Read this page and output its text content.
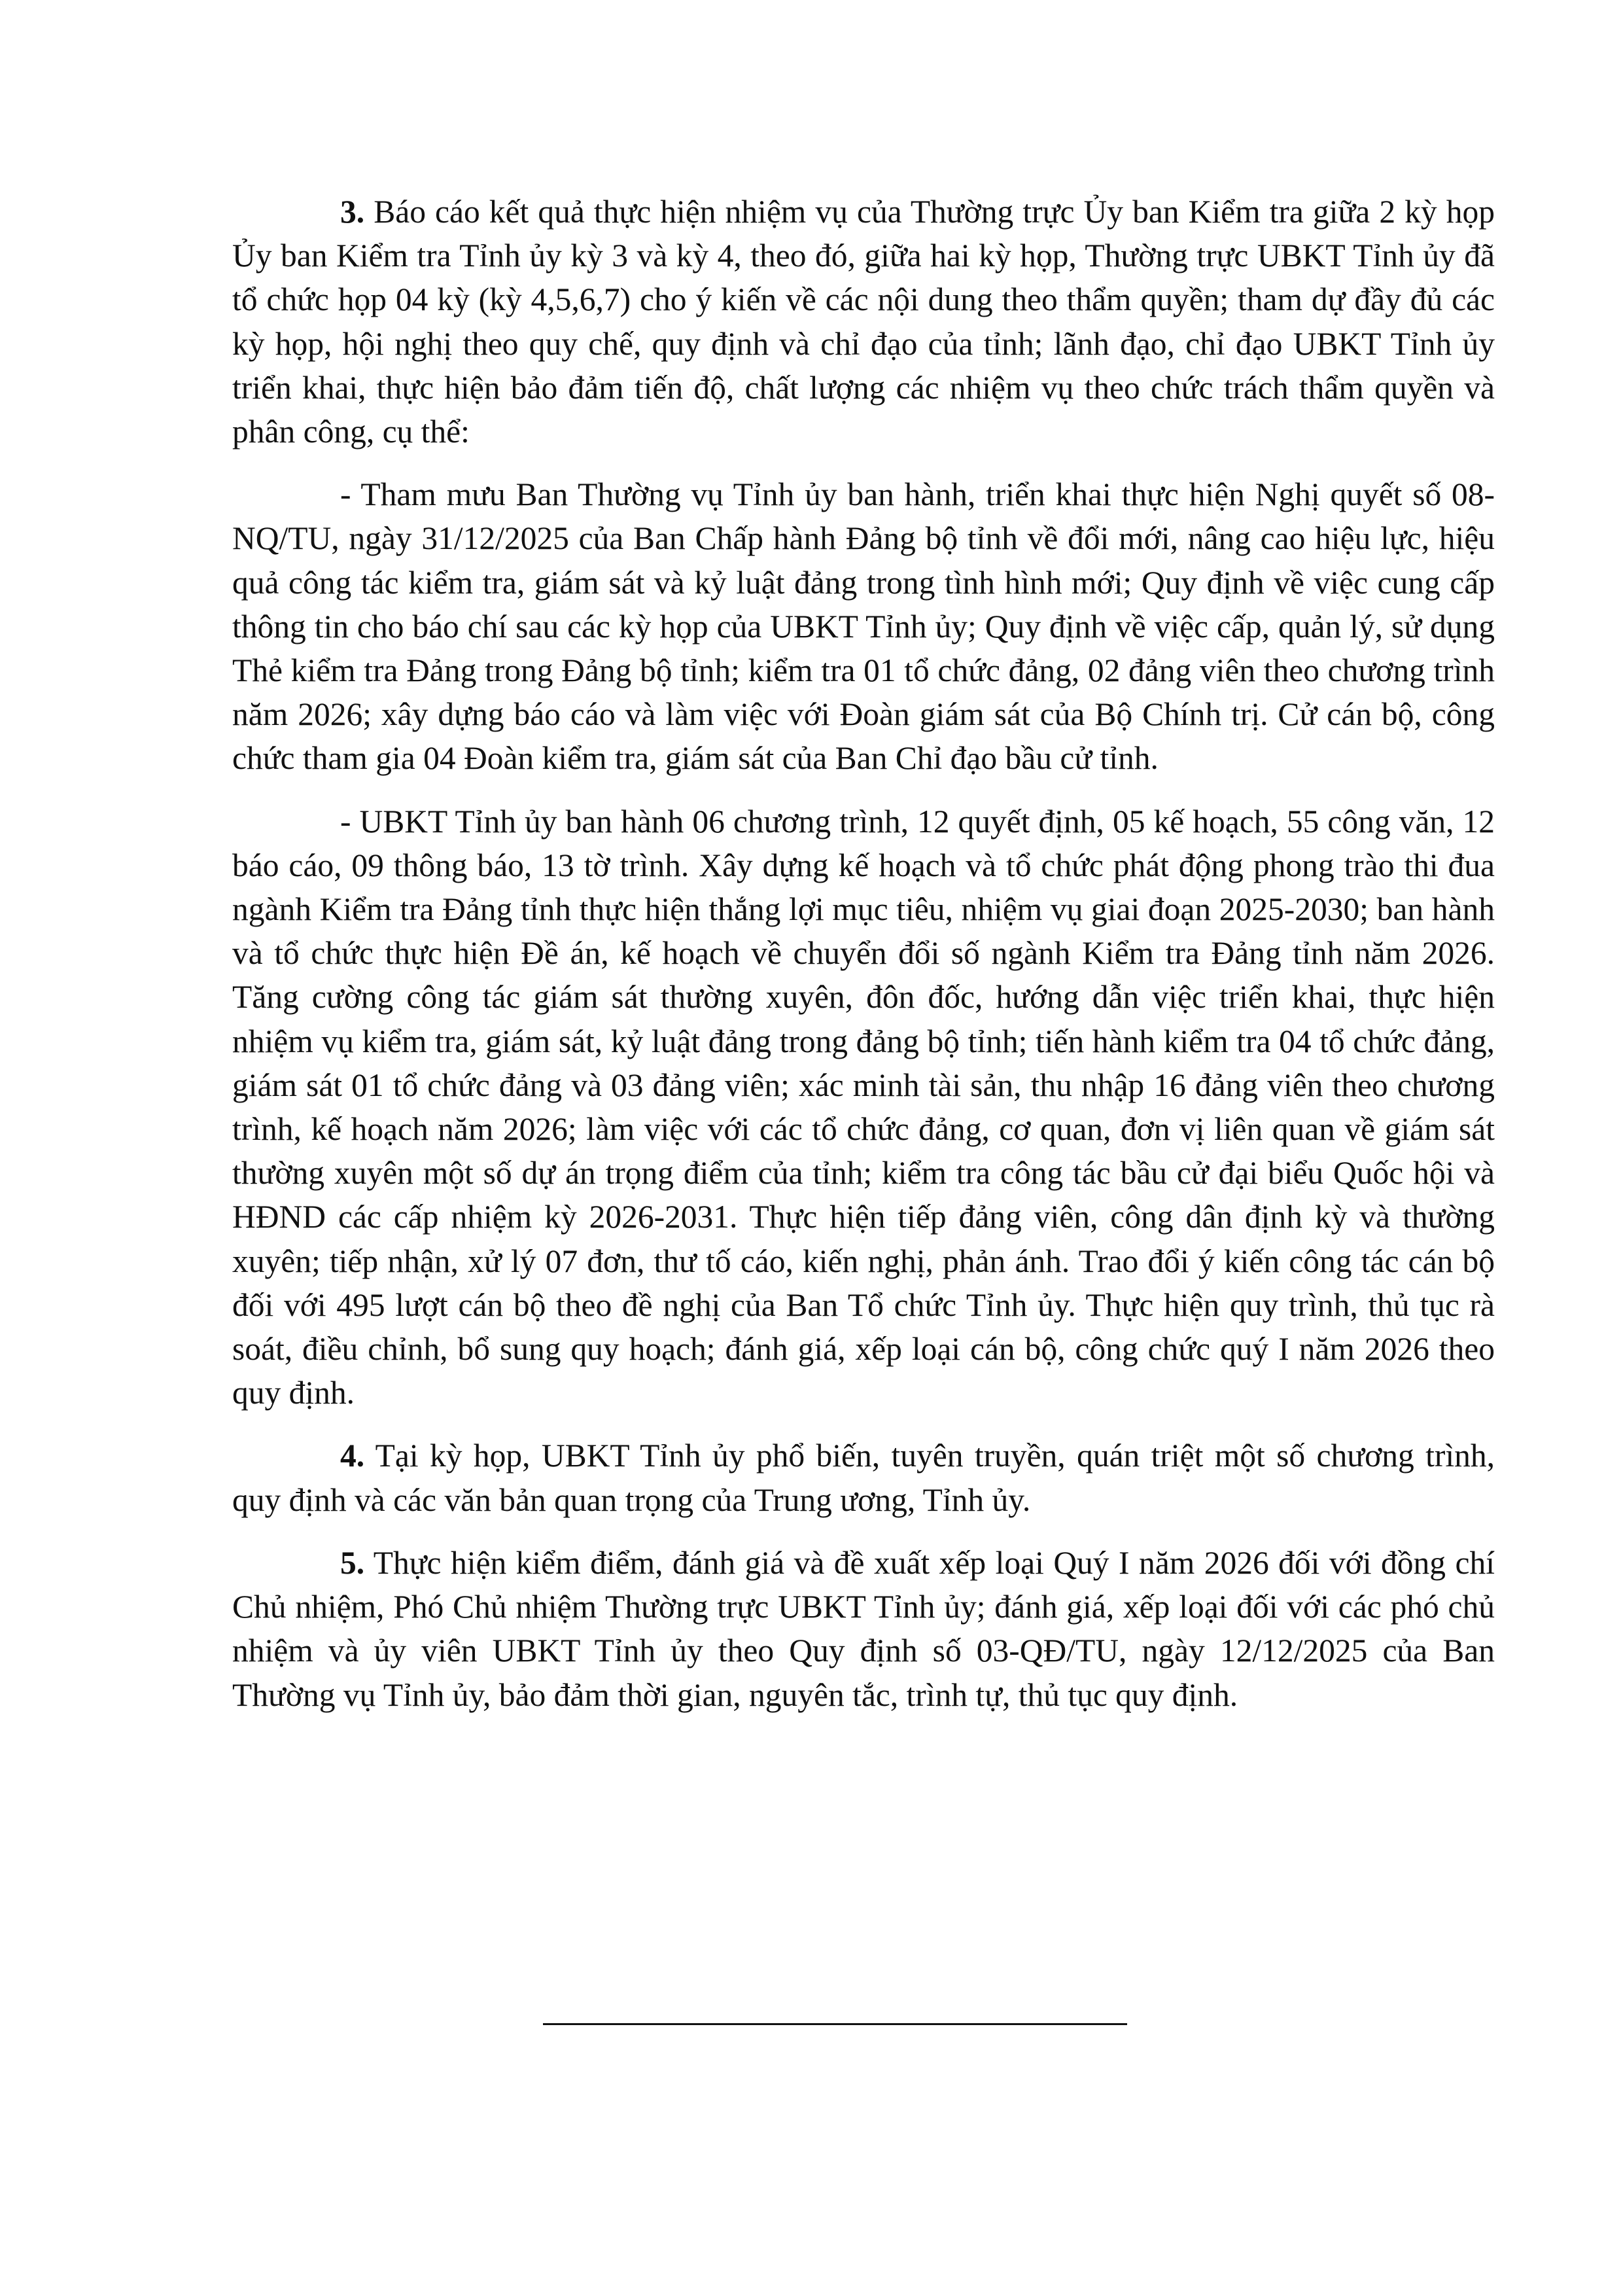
3. Báo cáo kết quả thực hiện nhiệm vụ của Thường trực Ủy ban Kiểm tra giữa 2 kỳ họp Ủy ban Kiểm tra Tỉnh ủy kỳ 3 và kỳ 4, theo đó, giữa hai kỳ họp, Thường trực UBKT Tỉnh ủy đã tổ chức họp 04 kỳ (kỳ 4,5,6,7) cho ý kiến về các nội dung theo thẩm quyền; tham dự đầy đủ các kỳ họp, hội nghị theo quy chế, quy định và chỉ đạo của tỉnh; lãnh đạo, chỉ đạo UBKT Tỉnh ủy triển khai, thực hiện bảo đảm tiến độ, chất lượng các nhiệm vụ theo chức trách thẩm quyền và phân công, cụ thể:

- Tham mưu Ban Thường vụ Tỉnh ủy ban hành, triển khai thực hiện Nghị quyết số 08-NQ/TU, ngày 31/12/2025 của Ban Chấp hành Đảng bộ tỉnh về đổi mới, nâng cao hiệu lực, hiệu quả công tác kiểm tra, giám sát và kỷ luật đảng trong tình hình mới; Quy định về việc cung cấp thông tin cho báo chí sau các kỳ họp của UBKT Tỉnh ủy; Quy định về việc cấp, quản lý, sử dụng Thẻ kiểm tra Đảng trong Đảng bộ tỉnh; kiểm tra 01 tổ chức đảng, 02 đảng viên theo chương trình năm 2026; xây dựng báo cáo và làm việc với Đoàn giám sát của Bộ Chính trị. Cử cán bộ, công chức tham gia 04 Đoàn kiểm tra, giám sát của Ban Chỉ đạo bầu cử tỉnh.

- UBKT Tỉnh ủy ban hành 06 chương trình, 12 quyết định, 05 kế hoạch, 55 công văn, 12 báo cáo, 09 thông báo, 13 tờ trình. Xây dựng kế hoạch và tổ chức phát động phong trào thi đua ngành Kiểm tra Đảng tỉnh thực hiện thắng lợi mục tiêu, nhiệm vụ giai đoạn 2025-2030; ban hành và tổ chức thực hiện Đề án, kế hoạch về chuyển đổi số ngành Kiểm tra Đảng tỉnh năm 2026. Tăng cường công tác giám sát thường xuyên, đôn đốc, hướng dẫn việc triển khai, thực hiện nhiệm vụ kiểm tra, giám sát, kỷ luật đảng trong đảng bộ tỉnh; tiến hành kiểm tra 04 tổ chức đảng, giám sát 01 tổ chức đảng và 03 đảng viên; xác minh tài sản, thu nhập 16 đảng viên theo chương trình, kế hoạch năm 2026; làm việc với các tổ chức đảng, cơ quan, đơn vị liên quan về giám sát thường xuyên một số dự án trọng điểm của tỉnh; kiểm tra công tác bầu cử đại biểu Quốc hội và HĐND các cấp nhiệm kỳ 2026-2031. Thực hiện tiếp đảng viên, công dân định kỳ và thường xuyên; tiếp nhận, xử lý 07 đơn, thư tố cáo, kiến nghị, phản ánh. Trao đổi ý kiến công tác cán bộ đối với 495 lượt cán bộ theo đề nghị của Ban Tổ chức Tỉnh ủy. Thực hiện quy trình, thủ tục rà soát, điều chỉnh, bổ sung quy hoạch; đánh giá, xếp loại cán bộ, công chức quý I năm 2026 theo quy định.

4. Tại kỳ họp, UBKT Tỉnh ủy phổ biến, tuyên truyền, quán triệt một số chương trình, quy định và các văn bản quan trọng của Trung ương, Tỉnh ủy.

5. Thực hiện kiểm điểm, đánh giá và đề xuất xếp loại Quý I năm 2026 đối với đồng chí Chủ nhiệm, Phó Chủ nhiệm Thường trực UBKT Tỉnh ủy; đánh giá, xếp loại đối với các phó chủ nhiệm và ủy viên UBKT Tỉnh ủy theo Quy định số 03-QĐ/TU, ngày 12/12/2025 của Ban Thường vụ Tỉnh ủy, bảo đảm thời gian, nguyên tắc, trình tự, thủ tục quy định.
